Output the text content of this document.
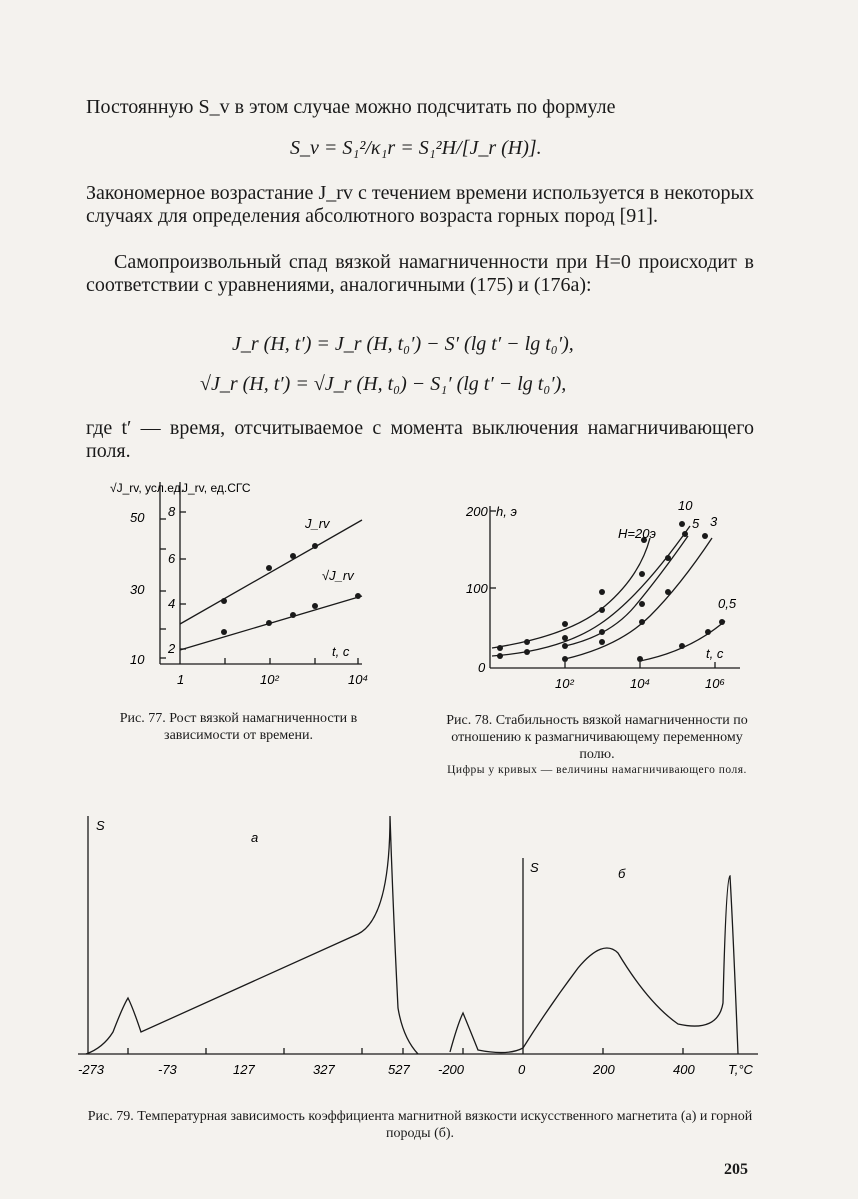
Постоянную S_v в этом случае можно подсчитать по формуле

S_v = S₁²/κ₁r = S₁²H/[J_r (H)].

Закономерное возрастание J_rv с течением времени используется в некоторых случаях для определения абсолютного возраста горных пород [91].

Самопроизвольный спад вязкой намагниченности при H=0 происходит в соответствии с уравнениями, аналогичными (175) и (176а):

J_r (H, t′) = J_r (H, t₀′) − S′ (lg t′ − lg t₀′),
√J_r (H, t′) = √J_r (H, t₀) − S₁′ (lg t′ − lg t₀′),

где t′ — время, отсчитываемое с момента выключения намагничивающего поля.

√J_rv, усл.ед.
J_rv, ед.СГС
10
30
50
2
4
6
8
1	10²	10⁴
t, c
J_rv
√J_rv
Рис. 77. Рост вязкой намагниченности в зависимости от времени.
200
100
0
h, э
10²	10⁴	10⁶
t, c
H=20э
10
5 3
0,5
Рис. 78. Стабильность вязкой намагниченности по отношению к размагничивающему переменному полю.
Цифры у кривых — величины намагничивающего поля.
S
а
S	б
-273	-73	127	327	527 -200	0	200	400	T,°C
Рис. 79. Температурная зависимость коэффициента магнитной вязкости искусственного магнетита (а) и горной породы (б).
205
